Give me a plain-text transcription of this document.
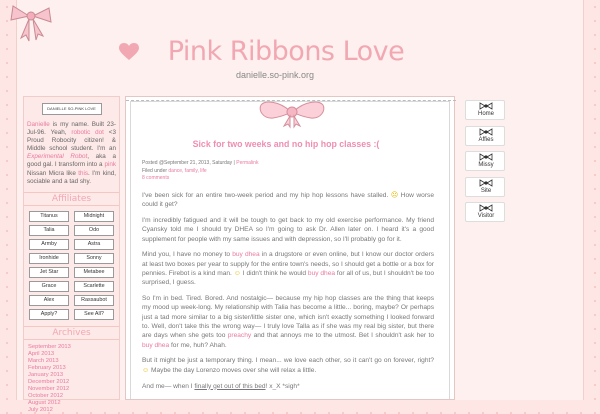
Pink Ribbons Love
danielle.so-pink.org
DANIELLE SO-PINK LOVE
Danielle is my name. Built 23-Jul-96. Yeah, robotic dot <3 Proud Robocity citizen! & Middle school student. I'm an Experimental Robot, aka a good gal. I transform into a pink Nissan Micra like this. I'm kind, sociable and a tad shy.
Affiliates
Titanus	Midnight
Talia	Odo
Armby	Astra
Ironhide	Sonny
Jet Star	Metabee
Grace	Scarlette
Alex	Rassaubot
Apply?	See All?
Archives
September 2013
April 2013
March 2013
February 2013
January 2013
December 2012
November 2012
October 2012
August 2012
July 2012
Sick for two weeks and no hip hop classes :(
Posted @September 21, 2013, Saturday | Permalink
Filed under dance, family, life
8 comments

I've been sick for an entire two-week period and my hip hop lessons have stalled. ☹ How worse could it get?

I'm incredibly fatigued and it will be tough to get back to my old exercise performance. My friend Cyansky told me I should try DHEA so I'm going to ask Dr. Allen later on. I heard it's a good supplement for people with my same issues and with depression, so I'll probably go for it.

Mind you, I have no money to buy dhea in a drugstore or even online, but I know our doctor orders at least two boxes per year to supply for the entire town's needs, so I should get a bottle or a box for pennies. Firebot is a kind man. ☺ I didn't think he would buy dhea for all of us, but I shouldn't be too surprised, I guess.

So I'm in bed. Tired. Bored. And nostalgic— because my hip hop classes are the thing that keeps my mood up week-long. My relationship with Talia has become a little... boring, maybe? Or perhaps just a tad more similar to a big sister/little sister one, which isn't exactly something I looked forward to. Well, don't take this the wrong way— I truly love Talla as if she was my real big sister, but there are days when she gets too preachy and that annoys me to the utmost. Bet I shouldn't ask her to buy dhea for me, huh? Ahah.

But it might be just a temporary thing. I mean... we love each other, so it can't go on forever, right? ☺ Maybe the day Lorenzo moves over she will relax a little.

And me— when I finally get out of this bed! x_X *sigh*

Home
Affies
Missy
Site
Visitor
